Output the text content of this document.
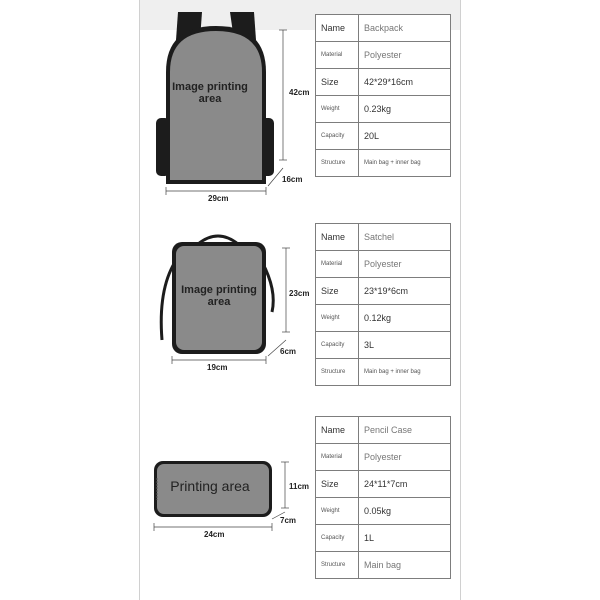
Image printing area
42cm
16cm
29cm
Name	Backpack
Material	Polyester
Size	42*29*16cm
Weight	0.23kg
Capacity	20L
Structure	Main bag + inner bag
Image printing area
23cm
6cm
19cm
Name	Satchel
Material	Polyester
Size	23*19*6cm
Weight	0.12kg
Capacity	3L
Structure	Main bag + inner bag
Printing area	11cm
7cm
24cm
Name	Pencil Case
Material	Polyester
Size	24*11*7cm
Weight	0.05kg
Capacity	1L
Structure	Main bag
